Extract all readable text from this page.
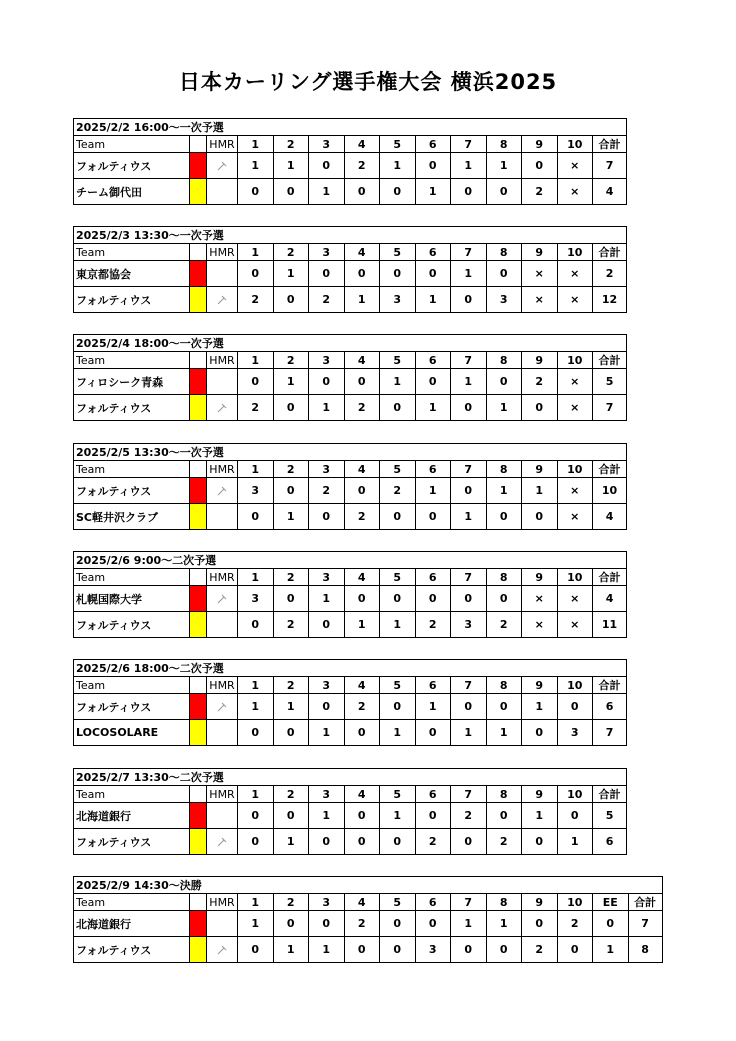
日本カーリング選手権大会 横浜2025
2025/2/2 16:00～一次予選													
Team		HMR	1	2	3	4	5	6	7	8	9	10	合計
フォルティウス			1	1	0	2	1	0	1	1	0	×	7
チーム御代田			0	0	1	0	0	1	0	0	2	×	4
2025/2/3 13:30～一次予選													
Team		HMR	1	2	3	4	5	6	7	8	9	10	合計
東京都協会			0	1	0	0	0	0	1	0	×	×	2
フォルティウス			2	0	2	1	3	1	0	3	×	×	12
2025/2/4 18:00～一次予選													
Team		HMR	1	2	3	4	5	6	7	8	9	10	合計
フィロシーク青森			0	1	0	0	1	0	1	0	2	×	5
フォルティウス			2	0	1	2	0	1	0	1	0	×	7
2025/2/5 13:30～一次予選													
Team		HMR	1	2	3	4	5	6	7	8	9	10	合計
フォルティウス			3	0	2	0	2	1	0	1	1	×	10
SC軽井沢クラブ			0	1	0	2	0	0	1	0	0	×	4
2025/2/6 9:00～二次予選													
Team		HMR	1	2	3	4	5	6	7	8	9	10	合計
札幌国際大学			3	0	1	0	0	0	0	0	×	×	4
フォルティウス			0	2	0	1	1	2	3	2	×	×	11
2025/2/6 18:00～二次予選													
Team		HMR	1	2	3	4	5	6	7	8	9	10	合計
フォルティウス			1	1	0	2	0	1	0	0	1	0	6
LOCOSOLARE			0	0	1	0	1	0	1	1	0	3	7
2025/2/7 13:30～二次予選													
Team		HMR	1	2	3	4	5	6	7	8	9	10	合計
北海道銀行			0	0	1	0	1	0	2	0	1	0	5
フォルティウス			0	1	0	0	0	2	0	2	0	1	6
2025/2/9 14:30～決勝														
Team		HMR	1	2	3	4	5	6	7	8	9	10	EE	合計
北海道銀行			1	0	0	2	0	0	1	1	0	2	0	7
フォルティウス			0	1	1	0	0	3	0	0	2	0	1	8
